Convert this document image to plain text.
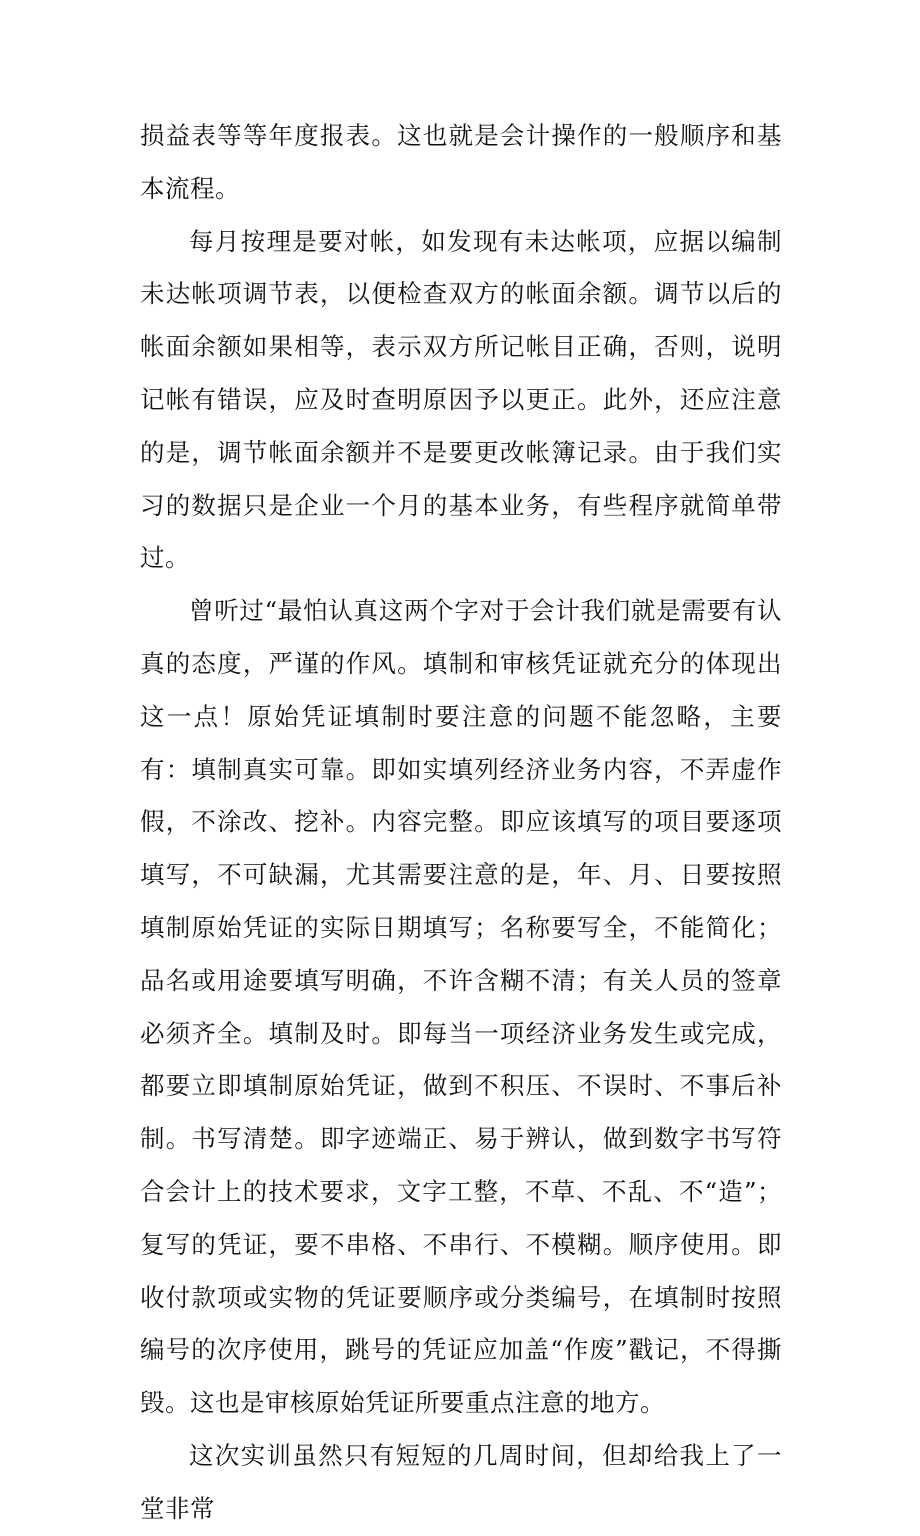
损益表等等年度报表。这也就是会计操作的一般顺序和基本流程。

每月按理是要对帐，如发现有未达帐项，应据以编制未达帐项调节表，以便检查双方的帐面余额。调节以后的帐面余额如果相等，表示双方所记帐目正确，否则，说明记帐有错误，应及时查明原因予以更正。此外，还应注意的是，调节帐面余额并不是要更改帐簿记录。由于我们实习的数据只是企业一个月的基本业务，有些程序就简单带过。

曾听过“最怕认真这两个字对于会计我们就是需要有认真的态度，严谨的作风。填制和审核凭证就充分的体现出这一点！原始凭证填制时要注意的问题不能忽略，主要有：填制真实可靠。即如实填列经济业务内容，不弄虚作假，不涂改、挖补。内容完整。即应该填写的项目要逐项填写，不可缺漏，尤其需要注意的是，年、月、日要按照填制原始凭证的实际日期填写；名称要写全，不能简化；品名或用途要填写明确，不许含糊不清；有关人员的签章必须齐全。填制及时。即每当一项经济业务发生或完成，都要立即填制原始凭证，做到不积压、不误时、不事后补制。书写清楚。即字迹端正、易于辨认，做到数字书写符合会计上的技术要求，文字工整，不草、不乱、不“造”；复写的凭证，要不串格、不串行、不模糊。顺序使用。即收付款项或实物的凭证要顺序或分类编号，在填制时按照编号的次序使用，跳号的凭证应加盖“作废”戳记，不得撕毁。这也是审核原始凭证所要重点注意的地方。

这次实训虽然只有短短的几周时间，但却给我上了一堂非常
